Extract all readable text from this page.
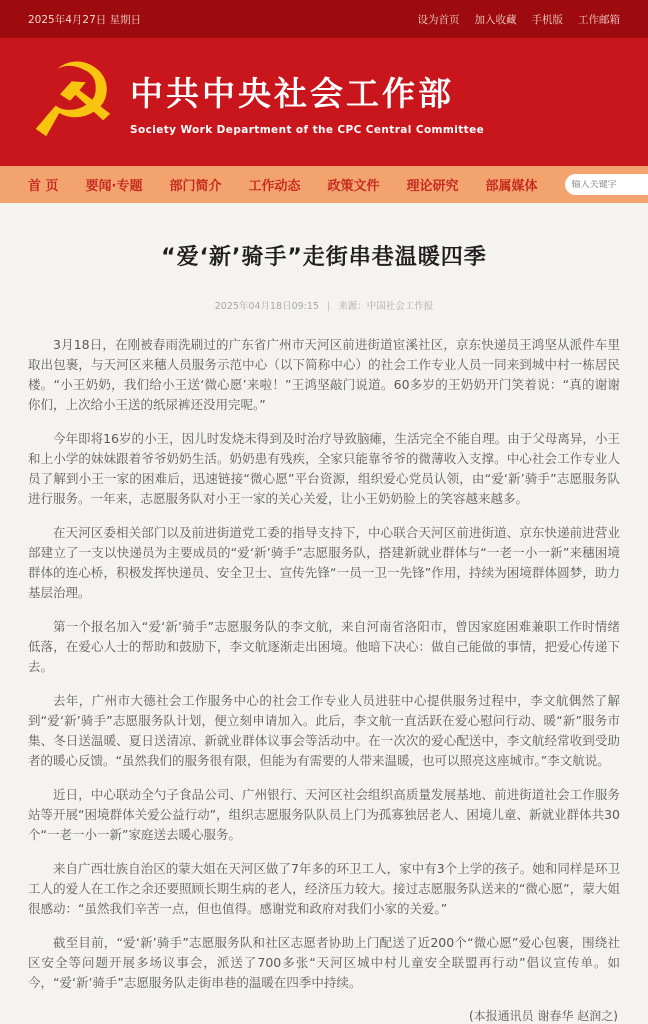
2025年4月27日 星期日	设为首页 加入收藏 手机版 工作邮箱
☭ 中共中央社会工作部
Society Work Department of the CPC Central Committee
首 页 要闻·专题 部门简介 工作动态 政策文件 理论研究 部属媒体
输入关键字
“爱‘新’骑手”走街串巷温暖四季
2025年04月18日09:15 | 来源：中国社会工作报

3月18日，在刚被春雨洗刷过的广东省广州市天河区前进街道宦溪社区，京东快递员王鸿坚从派件车里取出包裹，与天河区来穗人员服务示范中心（以下简称中心）的社会工作专业人员一同来到城中村一栋居民楼。“小王奶奶，我们给小王送‘微心愿’来啦！”王鸿坚敲门说道。60多岁的王奶奶开门笑着说：“真的谢谢你们，上次给小王送的纸尿裤还没用完呢。”

今年即将16岁的小王，因儿时发烧未得到及时治疗导致脑瘫，生活完全不能自理。由于父母离异，小王和上小学的妹妹跟着爷爷奶奶生活。奶奶患有残疾，全家只能靠爷爷的微薄收入支撑。中心社会工作专业人员了解到小王一家的困难后，迅速链接“微心愿”平台资源，组织爱心党员认领，由“爱‘新’骑手”志愿服务队进行服务。一年来，志愿服务队对小王一家的关心关爱，让小王奶奶脸上的笑容越来越多。

在天河区委相关部门以及前进街道党工委的指导支持下，中心联合天河区前进街道、京东快递前进营业部建立了一支以快递员为主要成员的“爱‘新’骑手”志愿服务队，搭建新就业群体与“一老一小一新”来穗困境群体的连心桥，积极发挥快递员、安全卫士、宣传先锋“一员一卫一先锋”作用，持续为困境群体圆梦，助力基层治理。

第一个报名加入“爱‘新’骑手”志愿服务队的李文航，来自河南省洛阳市，曾因家庭困难兼职工作时情绪低落，在爱心人士的帮助和鼓励下，李文航逐渐走出困境。他暗下决心：做自己能做的事情，把爱心传递下去。

去年，广州市大德社会工作服务中心的社会工作专业人员进驻中心提供服务过程中，李文航偶然了解到“爱‘新’骑手”志愿服务队计划，便立刻申请加入。此后，李文航一直活跃在爱心慰问行动、暖“新”服务市集、冬日送温暖、夏日送清凉、新就业群体议事会等活动中。在一次次的爱心配送中，李文航经常收到受助者的暖心反馈。“虽然我们的服务很有限，但能为有需要的人带来温暖，也可以照亮这座城市。”李文航说。

近日，中心联动全勺子食品公司、广州银行、天河区社会组织高质量发展基地、前进街道社会工作服务站等开展“困境群体关爱公益行动”，组织志愿服务队队员上门为孤寡独居老人、困境儿童、新就业群体共30个“一老一小一新”家庭送去暖心服务。

来自广西壮族自治区的蒙大姐在天河区做了7年多的环卫工人，家中有3个上学的孩子。她和同样是环卫工人的爱人在工作之余还要照顾长期生病的老人，经济压力较大。接过志愿服务队送来的“微心愿”，蒙大姐很感动：“虽然我们辛苦一点，但也值得。感谢党和政府对我们小家的关爱。”

截至目前，“爱‘新’骑手”志愿服务队和社区志愿者协助上门配送了近200个“微心愿”爱心包裹，围绕社区安全等问题开展多场议事会，派送了700多张“天河区城中村儿童安全联盟再行动”倡议宣传单。如今，“爱‘新’骑手”志愿服务队走街串巷的温暖在四季中持续。

(本报通讯员 谢春华 赵润之)
